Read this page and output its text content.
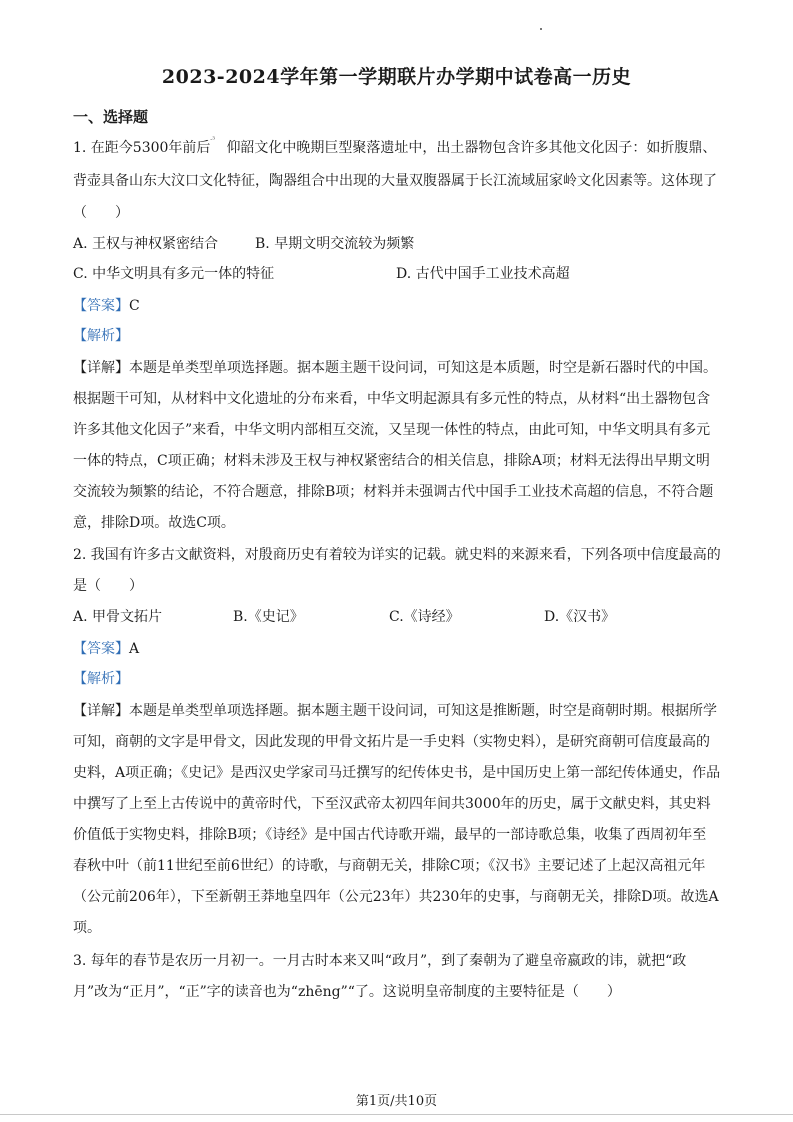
2023-2024学年第一学期联片办学期中试卷高一历史
一、选择题
1. 在距今5300年前后 仰韶文化中晚期巨型聚落遗址中，出土器物包含许多其他文化因子：如折腹鼎、
·³
背壶具备山东大汶口文化特征，陶器组合中出现的大量双腹器属于长江流域屈家岭文化因素等。这体现了
（　　）
A. 王权与神权紧密结合	B. 早期文明交流较为频繁
C. 中华文明具有多元一体的特征	D. 古代中国手工业技术高超
【答案】C
【解析】
【详解】本题是单类型单项选择题。据本题主题干设问词，可知这是本质题，时空是新石器时代的中国。
根据题干可知，从材料中文化遗址的分布来看，中华文明起源具有多元性的特点，从材料“出土器物包含
许多其他文化因子”来看，中华文明内部相互交流，又呈现一体性的特点，由此可知，中华文明具有多元
一体的特点，C项正确；材料未涉及王权与神权紧密结合的相关信息，排除A项；材料无法得出早期文明
交流较为频繁的结论，不符合题意，排除B项；材料并未强调古代中国手工业技术高超的信息，不符合题
意，排除D项。故选C项。
2. 我国有许多古文献资料，对殷商历史有着较为详实的记载。就史料的来源来看，下列各项中信度最高的
是（　　）
A. 甲骨文拓片	B.《史记》	C.《诗经》	D.《汉书》
【答案】A
【解析】
【详解】本题是单类型单项选择题。据本题主题干设问词，可知这是推断题，时空是商朝时期。根据所学
可知，商朝的文字是甲骨文，因此发现的甲骨文拓片是一手史料（实物史料），是研究商朝可信度最高的
史料，A项正确；《史记》是西汉史学家司马迁撰写的纪传体史书，是中国历史上第一部纪传体通史，作品
中撰写了上至上古传说中的黄帝时代，下至汉武帝太初四年间共3000年的历史，属于文献史料，其史料
价值低于实物史料，排除B项；《诗经》是中国古代诗歌开端，最早的一部诗歌总集，收集了西周初年至
春秋中叶（前11世纪至前6世纪）的诗歌，与商朝无关，排除C项；《汉书》主要记述了上起汉高祖元年
（公元前206年），下至新朝王莽地皇四年（公元23年）共230年的史事，与商朝无关，排除D项。故选A
项。
3. 每年的春节是农历一月初一。一月古时本来又叫“政月”，到了秦朝为了避皇帝嬴政的讳，就把“政
月”改为“正月”，“正”字的读音也为“zhēng”“了。这说明皇帝制度的主要特征是（　　）
第1页/共10页
